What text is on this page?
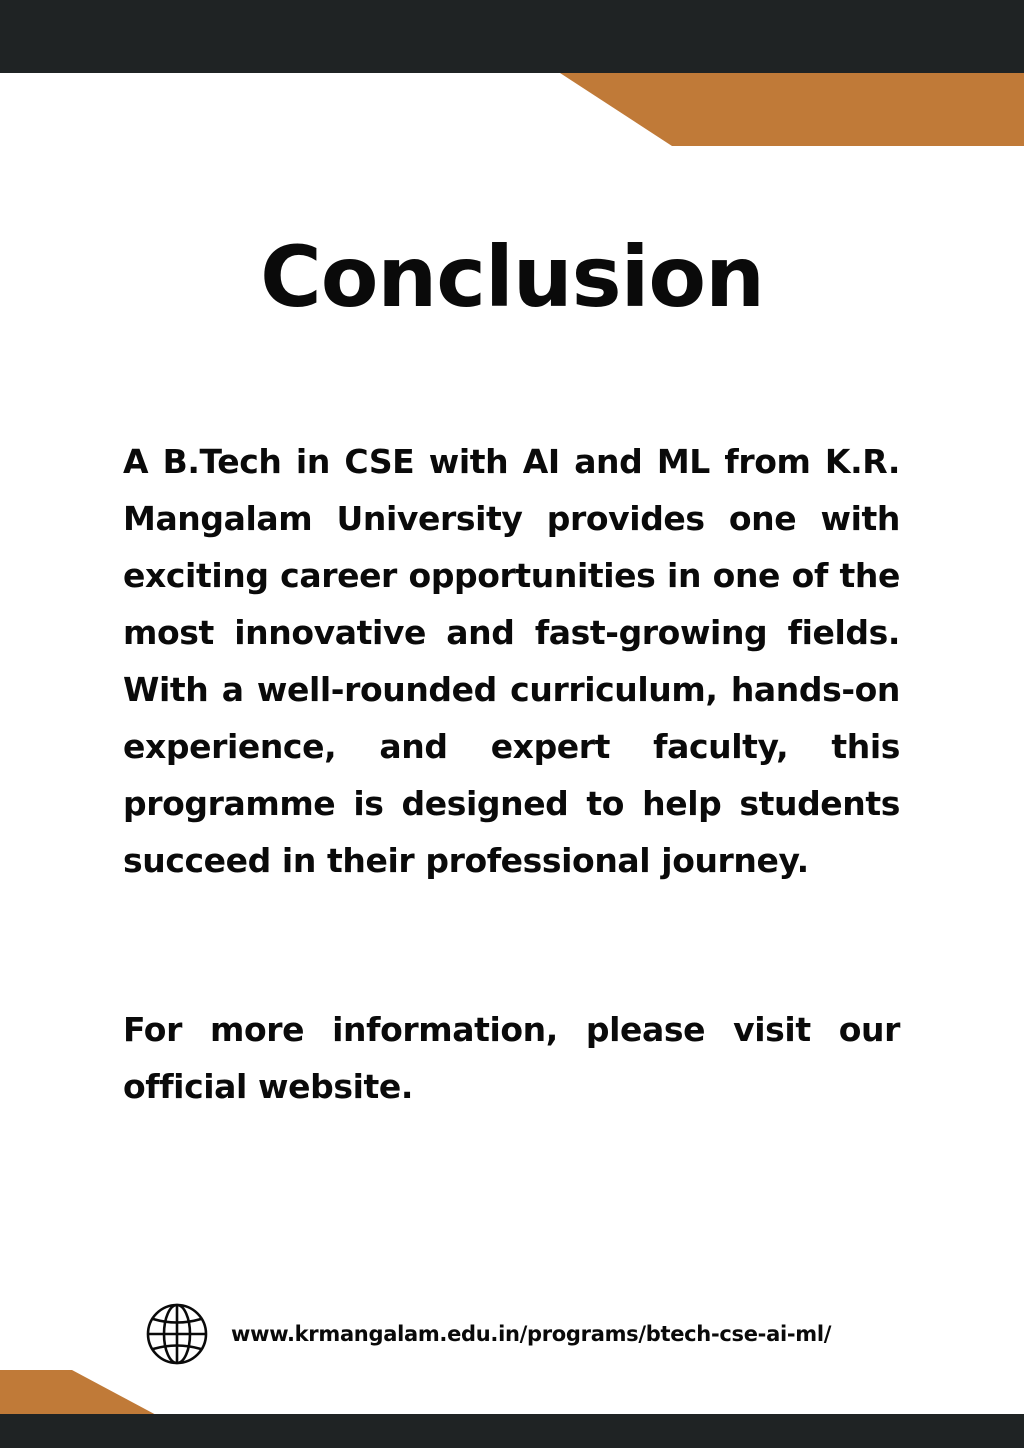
Conclusion

A B.Tech in CSE with AI and ML from K.R. Mangalam University provides one with exciting career opportunities in one of the most innovative and fast-growing fields. With a well-rounded curriculum, hands-on experience, and expert faculty, this programme is designed to help students succeed in their professional journey.

For more information, please visit our official website.

www.krmangalam.edu.in/programs/btech-cse-ai-ml/
